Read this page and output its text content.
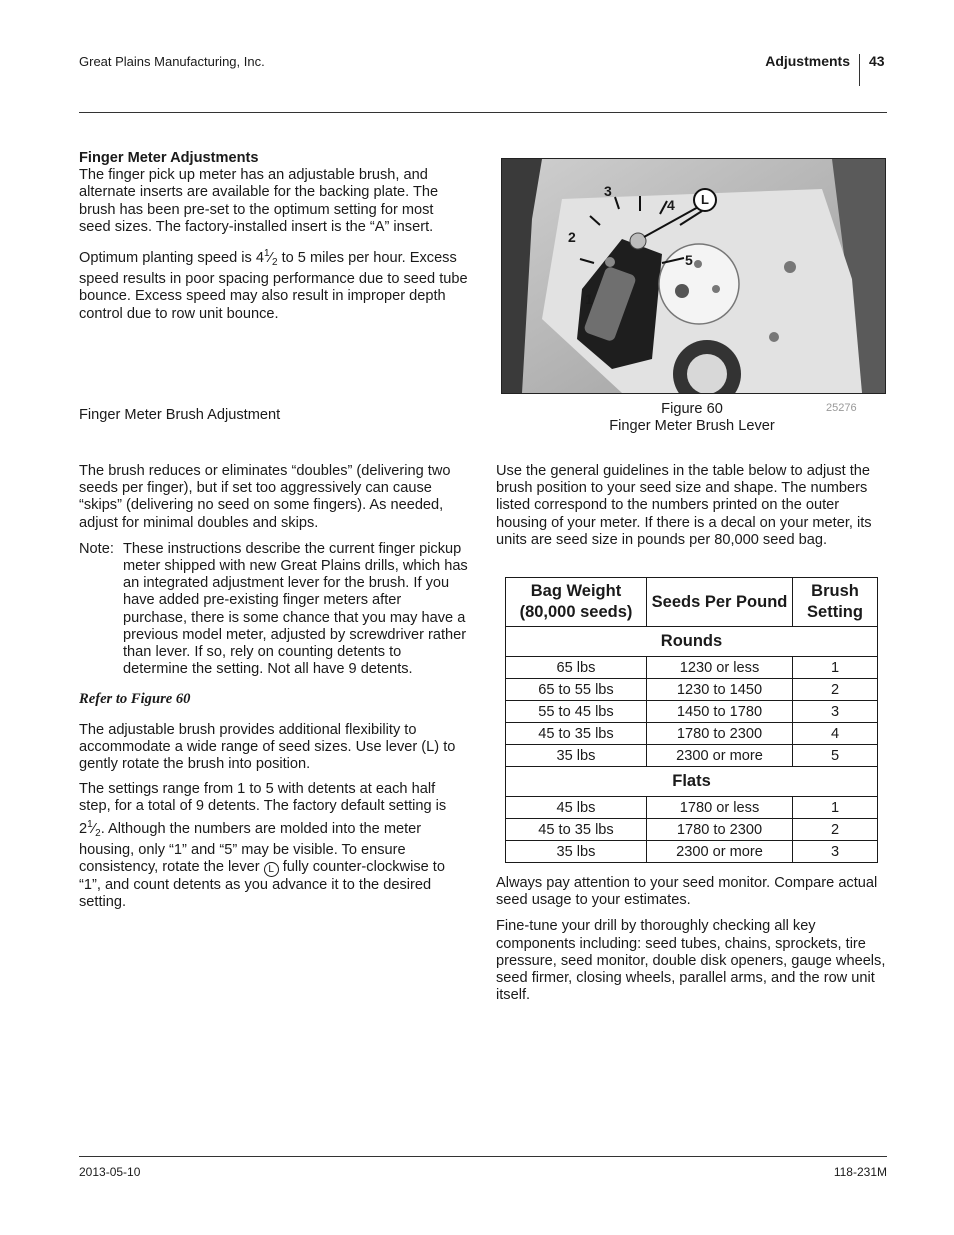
Great Plains Manufacturing, Inc.	Adjustments 43

Finger Meter Adjustments

The finger pick up meter has an adjustable brush, and alternate inserts are available for the backing plate. The brush has been pre-set to the optimum setting for most seed sizes. The factory-installed insert is the “A” insert.

Optimum planting speed is $4^1⁄_2$ to 5 miles per hour. Excess speed results in poor spacing performance due to seed tube bounce. Excess speed may also result in improper depth control due to row unit bounce.

Finger Meter Brush Adjustment

The brush reduces or eliminates “doubles” (delivering two seeds per finger), but if set too aggressively can cause “skips” (delivering no seed on some fingers). As needed, adjust for minimal doubles and skips.

Note: These instructions describe the current finger pickup meter shipped with new Great Plains drills, which has an integrated adjustment lever for the brush. If you have added pre-existing finger meters after purchase, there is some chance that you may have a previous model meter, adjusted by screwdriver rather than lever. If so, rely on counting detents to determine the setting. Not all have 9 detents.

Refer to Figure 60

The adjustable brush provides additional flexibility to accommodate a wide range of seed sizes. Use lever (L) to gently rotate the brush into position.

The settings range from 1 to 5 with detents at each half step, for a total of 9 detents. The factory default setting is $2^1⁄_2$. Although the numbers are molded into the meter housing, only “1” and “5” may be visible. To ensure consistency, rotate the lever L fully counter-clockwise to “1”, and count detents as you advance it to the desired setting.

1
2
3
4
5
L
Figure 60
Finger Meter Brush Lever
25276

Use the general guidelines in the table below to adjust the brush position to your seed size and shape. The numbers listed correspond to the numbers printed on the outer housing of your meter. If there is a decal on your meter, its units are seed size in pounds per 80,000 seed bag.

Bag Weight (80,000 seeds)	Seeds Per Pound	Brush Setting
Rounds		
65 lbs	1230 or less	1
65 to 55 lbs	1230 to 1450	2
55 to 45 lbs	1450 to 1780	3
45 to 35 lbs	1780 to 2300	4
35 lbs	2300 or more	5
Flats		
45 lbs	1780 or less	1
45 to 35 lbs	1780 to 2300	2
35 lbs	2300 or more	3

Always pay attention to your seed monitor. Compare actual seed usage to your estimates.

Fine-tune your drill by thoroughly checking all key components including: seed tubes, chains, sprockets, tire pressure, seed monitor, double disk openers, gauge wheels, seed firmer, closing wheels, parallel arms, and the row unit itself.

2013-05-10	118-231M
